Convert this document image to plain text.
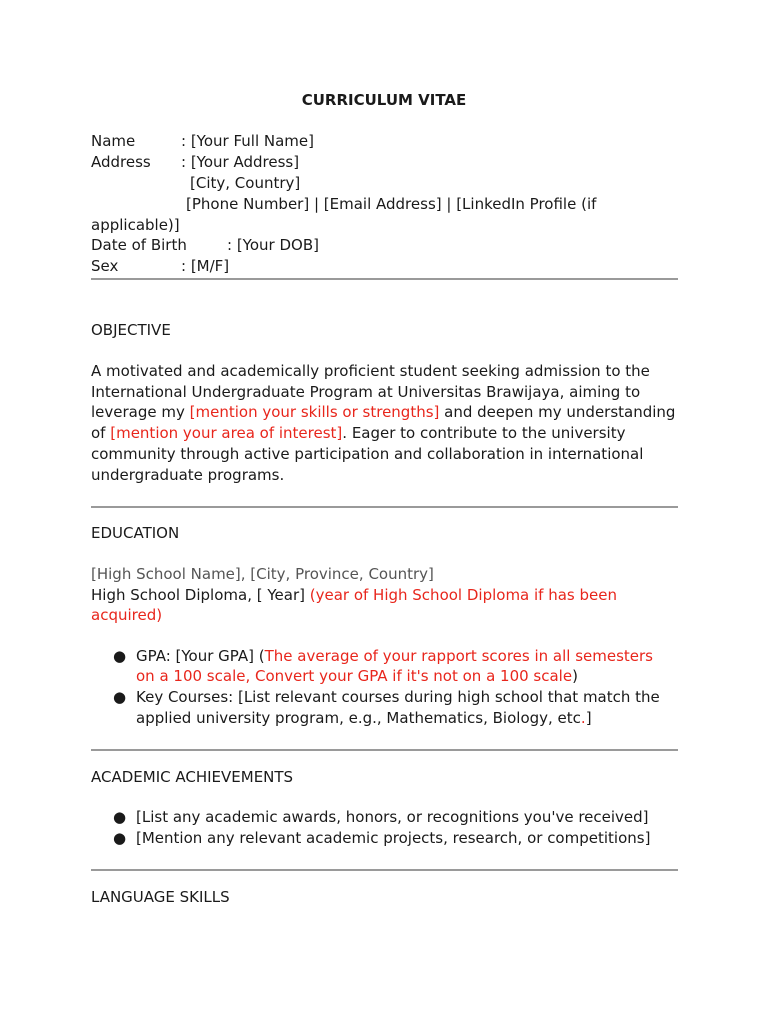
CURRICULUM VITAE
Name	: [Your Full Name]
Address : [Your Address]
[City, Country]
[Phone Number] | [Email Address] | [LinkedIn Profile (if
applicable)]
Date of Birth	: [Your DOB]
Sex	: [M/F]
OBJECTIVE
A motivated and academically proficient student seeking admission to the
International Undergraduate Program at Universitas Brawijaya, aiming to
leverage my [mention your skills or strengths] and deepen my understanding
of [mention your area of interest]. Eager to contribute to the university
community through active participation and collaboration in international
undergraduate programs.
EDUCATION
[High School Name], [City, Province, Country]
High School Diploma, [ Year] (year of High School Diploma if has been
acquired)
● GPA: [Your GPA] (The average of your rapport scores in all semesters
on a 100 scale, Convert your GPA if it's not on a 100 scale)
● Key Courses: [List relevant courses during high school that match the
applied university program, e.g., Mathematics, Biology, etc.]
ACADEMIC ACHIEVEMENTS
● [List any academic awards, honors, or recognitions you've received]
● [Mention any relevant academic projects, research, or competitions]
LANGUAGE SKILLS
